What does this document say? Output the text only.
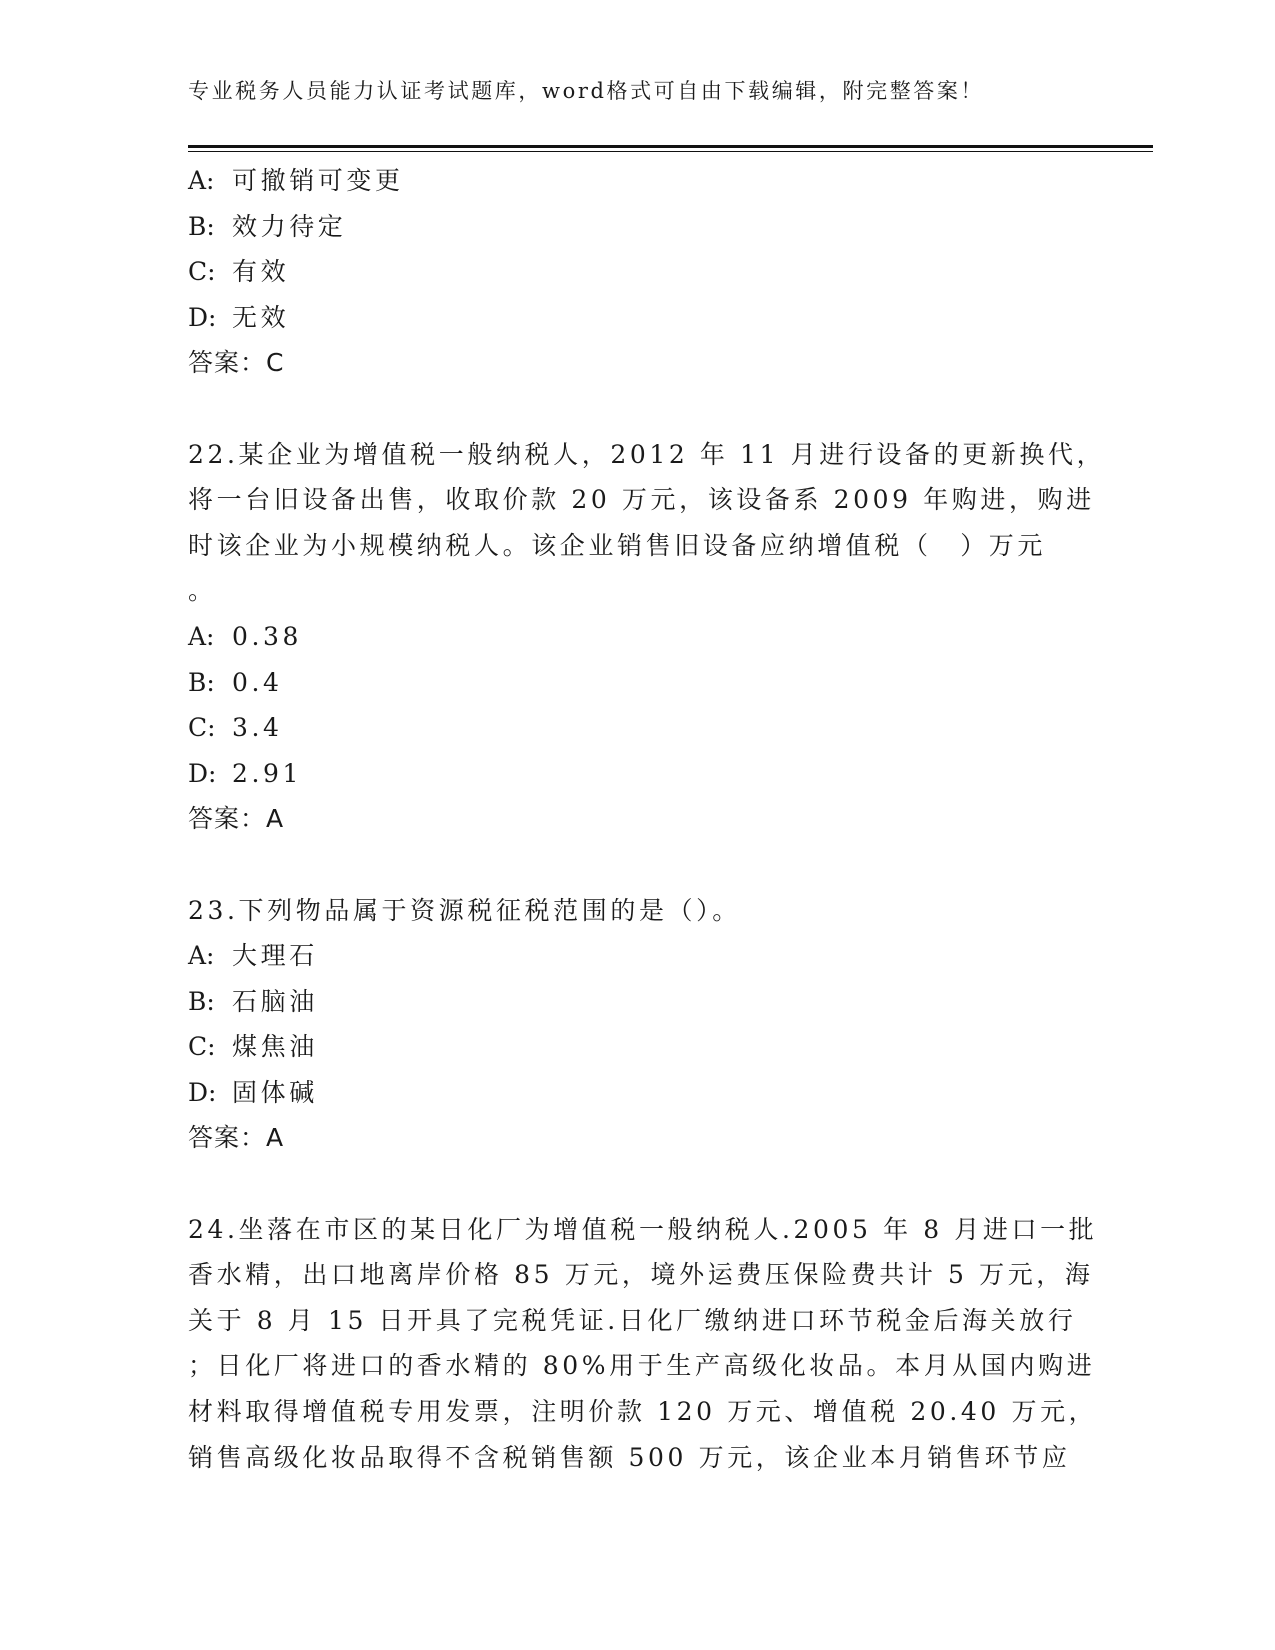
专业税务人员能力认证考试题库，word格式可自由下载编辑，附完整答案！
A: 可撤销可变更
B: 效力待定
C: 有效
D: 无效
答案：C
22.某企业为增值税一般纳税人，2012 年 11 月进行设备的更新换代，
将一台旧设备出售，收取价款 20 万元，该设备系 2009 年购进，购进
时该企业为小规模纳税人。该企业销售旧设备应纳增值税（　）万元
。
A: 0.38
B: 0.4
C: 3.4
D: 2.91
答案：A
23.下列物品属于资源税征税范围的是（）。
A: 大理石
B: 石脑油
C: 煤焦油
D: 固体碱
答案：A
24.坐落在市区的某日化厂为增值税一般纳税人.2005 年 8 月进口一批
香水精，出口地离岸价格 85 万元，境外运费压保险费共计 5 万元，海
关于 8 月 15 日开具了完税凭证.日化厂缴纳进口环节税金后海关放行
；日化厂将进口的香水精的 80%用于生产高级化妆品。本月从国内购进
材料取得增值税专用发票，注明价款 120 万元、增值税 20.40 万元，
销售高级化妆品取得不含税销售额 500 万元，该企业本月销售环节应
